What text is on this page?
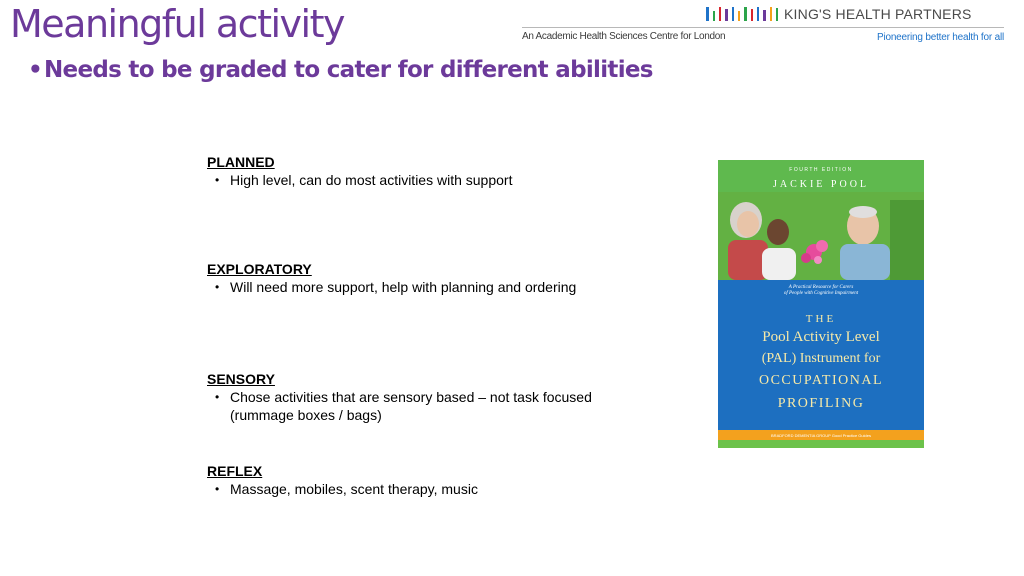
Meaningful activity

• Needs to be graded to cater for different abilities

An Academic Health Sciences Centre for London
KING'S HEALTH PARTNERS
Pioneering better health for all
PLANNED
• High level, can do most activities with support
EXPLORATORY
• Will need more support, help with planning and ordering
SENSORY
• Chose activities that are sensory based – not task focused
(rummage boxes / bags)
REFLEX
• Massage, mobiles, scent therapy, music
FOURTH EDITION
JACKIE POOL
A Practical Resource for Carers
of People with Cognitive Impairment
THE
Pool Activity Level
(PAL) Instrument for
OCCUPATIONAL
PROFILING
BRADFORD DEMENTIA GROUP Good Practice Guides
